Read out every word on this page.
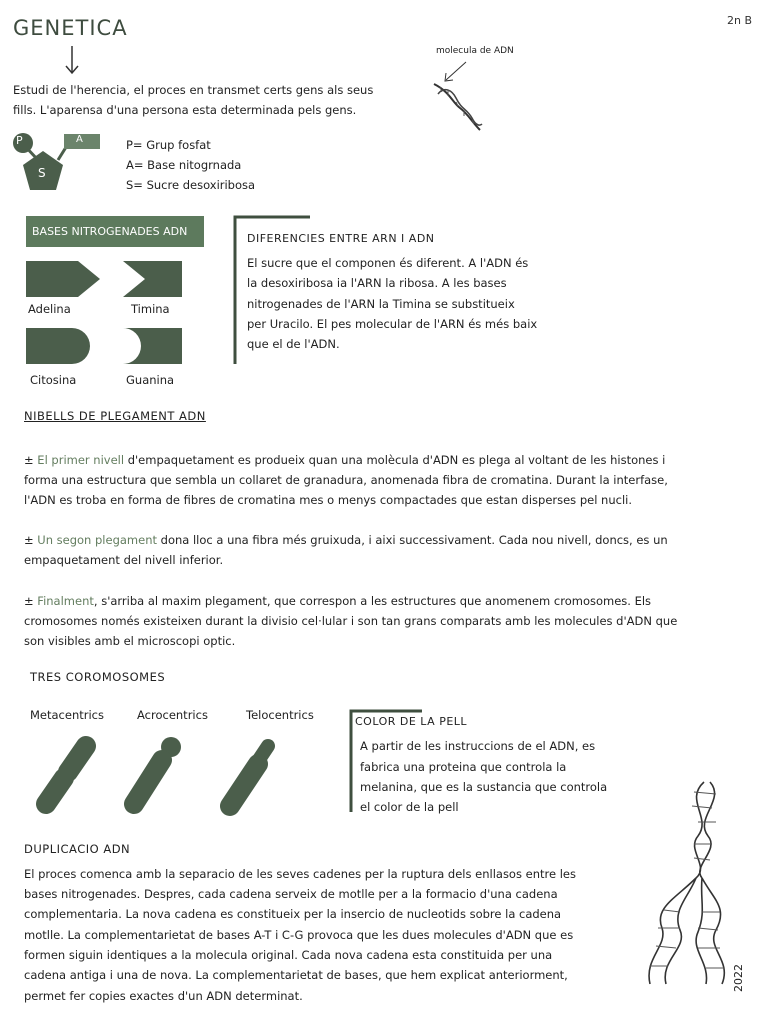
GENETICA	2n B
molecula de ADN
Estudi de l'herencia, el proces en transmet certs gens als seus
fills. L'aparensa d'una persona esta determinada pels gens.
P	A
S
P= Grup fosfat
A= Base nitogrnada
S= Sucre desoxiribosa
BASES NITROGENADES ADN
Adelina	Timina
Citosina	Guanina
DIFERENCIES ENTRE ARN I ADN
El sucre que el componen és diferent. A l'ADN és
la desoxiribosa ia l'ARN la ribosa. A les bases
nitrogenades de l'ARN la Timina se substitueix
per Uracilo. El pes molecular de l'ARN és més baix
que el de l'ADN.
NIBELLS DE PLEGAMENT ADN
± El primer nivell d'empaquetament es produeix quan una molècula d'ADN es plega al voltant de les histones i
forma una estructura que sembla un collaret de granadura, anomenada fibra de cromatina. Durant la interfase,
l'ADN es troba en forma de fibres de cromatina mes o menys compactades que estan disperses pel nucli.
± Un segon plegament dona lloc a una fibra més gruixuda, i aixi successivament. Cada nou nivell, doncs, es un
empaquetament del nivell inferior.
± Finalment, s'arriba al maxim plegament, que correspon a les estructures que anomenem cromosomes. Els
cromosomes només existeixen durant la divisio cel·lular i son tan grans comparats amb les molecules d'ADN que
son visibles amb el microscopi optic.
TRES COROMOSOMES
Metacentrics	Acrocentrics	Telocentrics	COLOR DE LA PELL
A partir de les instruccions de el ADN, es
fabrica una proteina que controla la
melanina, que es la sustancia que controla
el color de la pell
DUPLICACIO ADN
El proces comenca amb la separacio de les seves cadenes per la ruptura dels enllasos entre les
bases nitrogenades. Despres, cada cadena serveix de motlle per a la formacio d'una cadena
complementaria. La nova cadena es constitueix per la insercio de nucleotids sobre la cadena
motlle. La complementarietat de bases A-T i C-G provoca que les dues molecules d'ADN que es
formen siguin identiques a la molecula original. Cada nova cadena esta constituida per una
cadena antiga i una de nova. La complementarietat de bases, que hem explicat anteriorment,
permet fer copies exactes d'un ADN determinat.
2022
